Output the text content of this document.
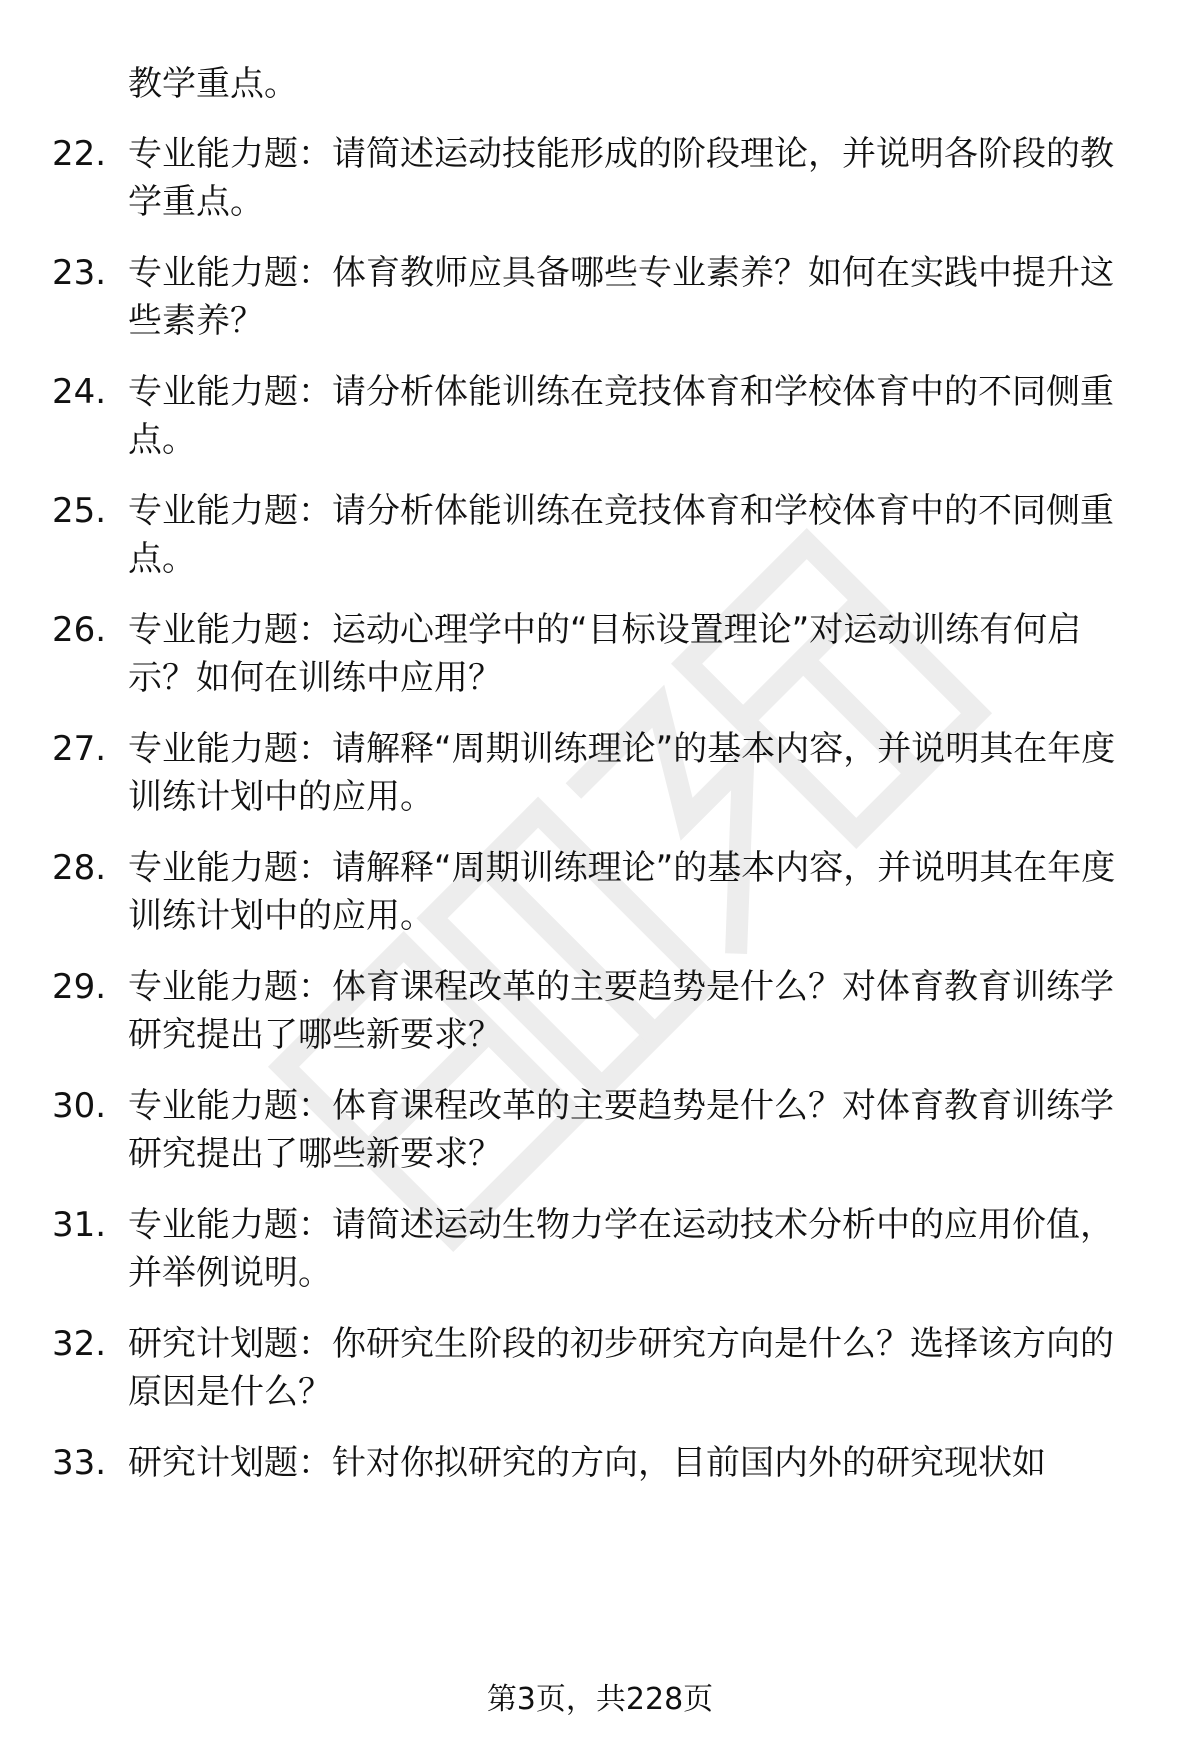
教学重点。

22. 专业能力题：请简述运动技能形成的阶段理论，并说明各阶段的教学重点。

23. 专业能力题：体育教师应具备哪些专业素养？如何在实践中提升这些素养？

24. 专业能力题：请分析体能训练在竞技体育和学校体育中的不同侧重点。

25. 专业能力题：请分析体能训练在竞技体育和学校体育中的不同侧重点。

26. 专业能力题：运动心理学中的“目标设置理论”对运动训练有何启示？如何在训练中应用？

27. 专业能力题：请解释“周期训练理论”的基本内容，并说明其在年度训练计划中的应用。

28. 专业能力题：请解释“周期训练理论”的基本内容，并说明其在年度训练计划中的应用。

29. 专业能力题：体育课程改革的主要趋势是什么？对体育教育训练学研究提出了哪些新要求？

30. 专业能力题：体育课程改革的主要趋势是什么？对体育教育训练学研究提出了哪些新要求？

31. 专业能力题：请简述运动生物力学在运动技术分析中的应用价值，并举例说明。

32. 研究计划题：你研究生阶段的初步研究方向是什么？选择该方向的原因是什么？

33. 研究计划题：针对你拟研究的方向，目前国内外的研究现状如

第3页，共228页
